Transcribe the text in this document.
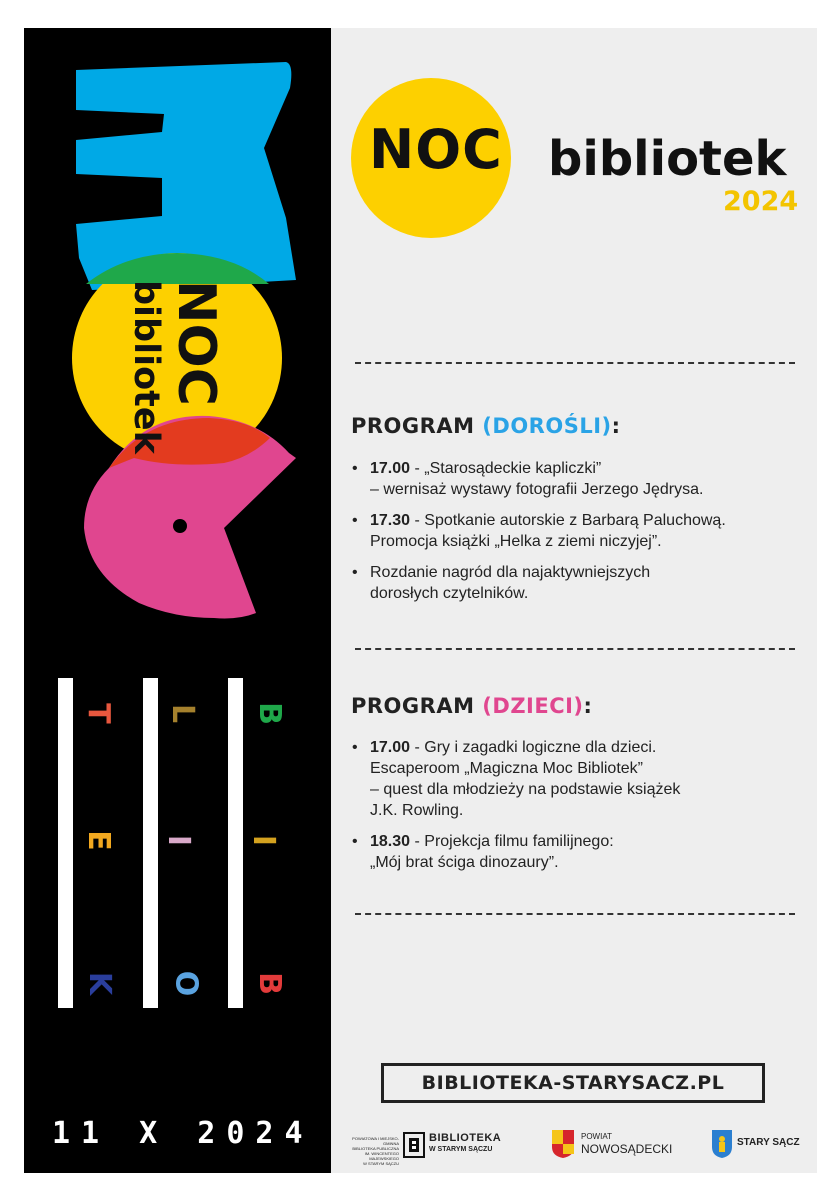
NOC
bibliotek
T
E
K
L
I
O
B
I
B
11 X 2024
NOC bibliotek
2024
PROGRAM (DOROŚLI):
• 17.00 - „Starosądeckie kapliczki”
– wernisaż wystawy fotografii Jerzego Jędrysa.
• 17.30 - Spotkanie autorskie z Barbarą Paluchową.
Promocja książki „Helka z ziemi niczyjej”.
• Rozdanie nagród dla najaktywniejszych
dorosłych czytelników.
PROGRAM (DZIECI):
• 17.00 - Gry i zagadki logiczne dla dzieci.
Escaperoom „Magiczna Moc Bibliotek”
– quest dla młodzieży na podstawie książek
J.K. Rowling.
• 18.30 - Projekcja filmu familijnego:
„Mój brat ściga dinozaury”.
BIBLIOTEKA-STARYSACZ.PL
POWIATOWA I MIEJSKO-GMINNA
BIBLIOTEKA PUBLICZNA
IM. WINCENTEGO MAJEWSKIEGO
W STARYM SĄCZU
BIBLIOTEKA
W STARYM SĄCZU
POWIAT
NOWOSĄDECKI	STARY SĄCZ
